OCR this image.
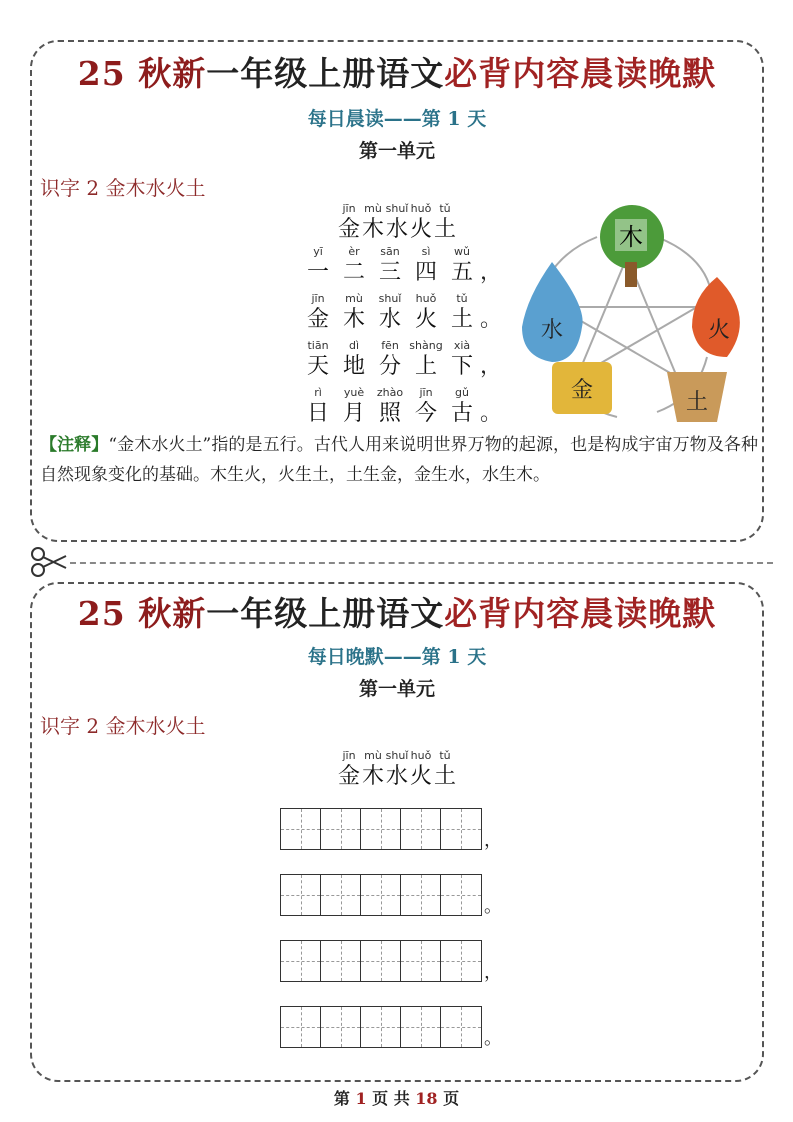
25 秋新一年级上册语文必背内容晨读晚默
每日晨读——第 1 天
第一单元
识字 2 金木水火土
jīn
金
mù
木
shuǐ
水
huǒ
火
tǔ
土
yī
一
èr
二
sān
三
sì
四
wǔ
五 ，
jīn
金
mù
木
shuǐ
水
huǒ
火
tǔ
土 。
tiān
天
dì
地
fēn
分
shàng
上
xià
下 ，
rì
日
yuè
月
zhào
照
jīn
今
gǔ
古 。
木
火
土
金
水
【注释】“金木水火土”指的是五行。古代人用来说明世界万物的起源，也是构成宇宙万物及各种自然现象变化的基础。木生火，火生土，土生金，金生水，水生木。
25 秋新一年级上册语文必背内容晨读晚默
每日晚默——第 1 天
第一单元
识字 2 金木水火土
jīn
金
mù
木
shuǐ
水
huǒ
火
tǔ
土
，
。
，
。
第 1 页 共 18 页
